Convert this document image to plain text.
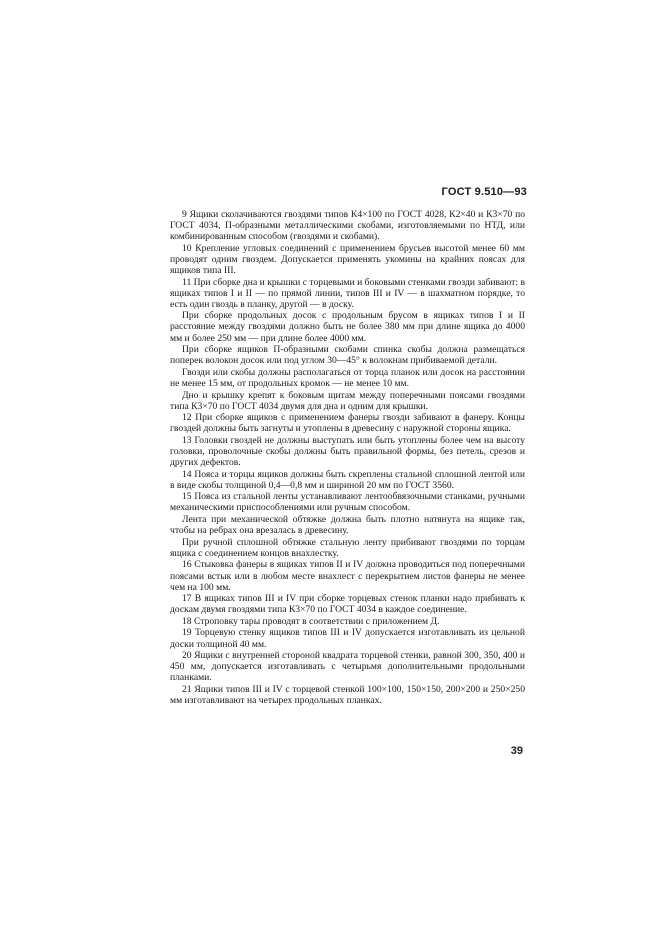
ГОСТ 9.510—93

9 Ящики сколачиваются гвоздями типов К4×100 по ГОСТ 4028, К2×40 и К3×70 по ГОСТ 4034, П-образными металлическими скобами, изготовляемыми по НТД, или комбинированным способом (гвоздями и скобами).

10 Крепление угловых соединений с применением брусьев высотой менее 60 мм проводят одним гвоздем. Допускается применять укомины на крайних поясах для ящиков типа III.

11 При сборке дна и крышки с торцевыми и боковыми стенками гвозди забивают: в ящиках типов I и II — по прямой линии, типов III и IV — в шахматном порядке, то есть один гвоздь в планку, другой — в доску.

При сборке продольных досок с продольным брусом в ящиках типов I и II расстояние между гвоздями должно быть не более 380 мм при длине ящика до 4000 мм и более 250 мм — при длине более 4000 мм.

При сборке ящиков П-образными скобами спинка скобы должна размещаться поперек волокон досок или под углом 30—45° к волокнам прибиваемой детали.

Гвозди или скобы должны располагаться от торца планок или досок на расстоянии не менее 15 мм, от продольных кромок — не менее 10 мм.

Дно и крышку крепят к боковым щитам между поперечными поясами гвоздями типа К3×70 по ГОСТ 4034 двумя для дна и одним для крышки.

12 При сборке ящиков с применением фанеры гвозди забивают в фанеру. Концы гвоздей должны быть загнуты и утоплены в древесину с наружной стороны ящика.

13 Головки гвоздей не должны выступать или быть утоплены более чем на высоту головки, проволочные скобы должны быть правильной формы, без петель, срезов и других дефектов.

14 Пояса и торцы ящиков должны быть скреплены стальной сплошной лентой или в виде скобы толщиной 0,4—0,8 мм и шириной 20 мм по ГОСТ 3560.

15 Пояса из стальной ленты устанавливают лентообвязочными станками, ручными механическими приспособлениями или ручным способом.

Лента при механической обтяжке должна быть плотно натянута на ящике так, чтобы на ребрах она врезалась в древесину.

При ручной сплошной обтяжке стальную ленту прибивают гвоздями по торцам ящика с соединением концов внахлестку.

16 Стыковка фанеры в ящиках типов II и IV должна проводиться под поперечными поясами встык или в любом месте внахлест с перекрытием листов фанеры не менее чем на 100 мм.

17 В ящиках типов III и IV при сборке торцевых стенок планки надо прибивать к доскам двумя гвоздями типа К3×70 по ГОСТ 4034 в каждое соединение.

18 Строповку тары проводят в соответствии с приложением Д.

19 Торцевую стенку ящиков типов III и IV допускается изготавливать из цельной доски толщиной 40 мм.

20 Ящики с внутренней стороной квадрата торцевой стенки, равной 300, 350, 400 и 450 мм, допускается изготавливать с четырьмя дополнительными продольными планками.

21 Ящики типов III и IV с торцевой стенкой 100×100, 150×150, 200×200 и 250×250 мм изготавливают на четырех продольных планках.

39
